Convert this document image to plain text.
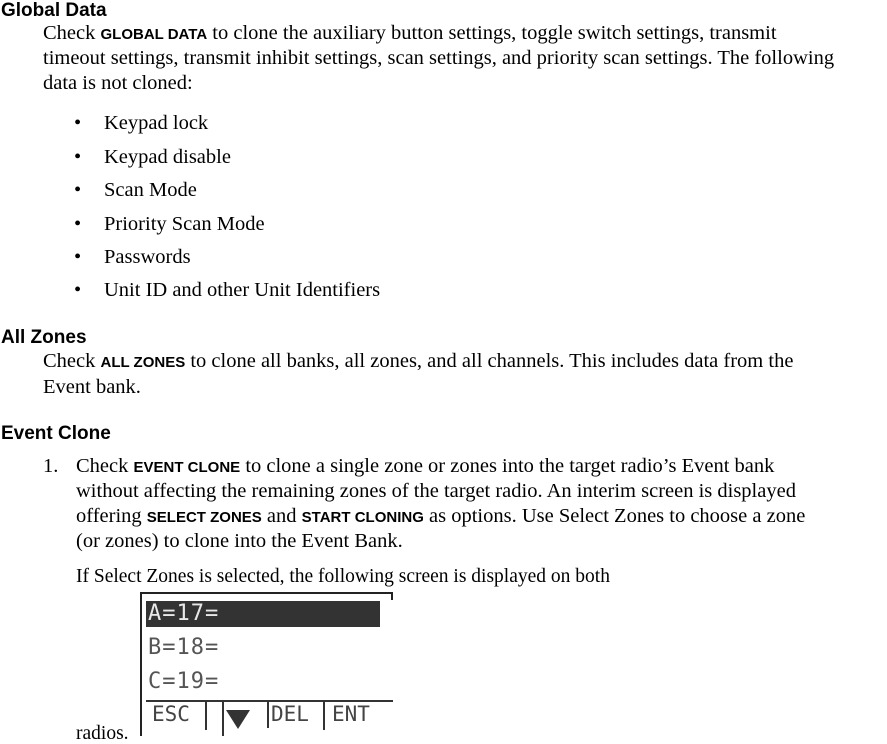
Global Data

Check GLOBAL DATA to clone the auxiliary button settings, toggle switch settings, transmit

timeout settings, transmit inhibit settings, scan settings, and priority scan settings. The following

data is not cloned:

• Keypad lock

• Keypad disable

• Scan Mode

• Priority Scan Mode

• Passwords

• Unit ID and other Unit Identifiers

All Zones

Check ALL ZONES to clone all banks, all zones, and all channels. This includes data from the

Event bank.

Event Clone
1. Check EVENT CLONE to clone a single zone or zones into the target radio’s Event bank

without affecting the remaining zones of the target radio. An interim screen is displayed

offering SELECT ZONES and START CLONING as options. Use Select Zones to choose a zone

(or zones) to clone into the Event Bank.

If Select Zones is selected, the following screen is displayed on both

radios.

A=17=
B=18=
C=19=
ESC	DEL ENT
